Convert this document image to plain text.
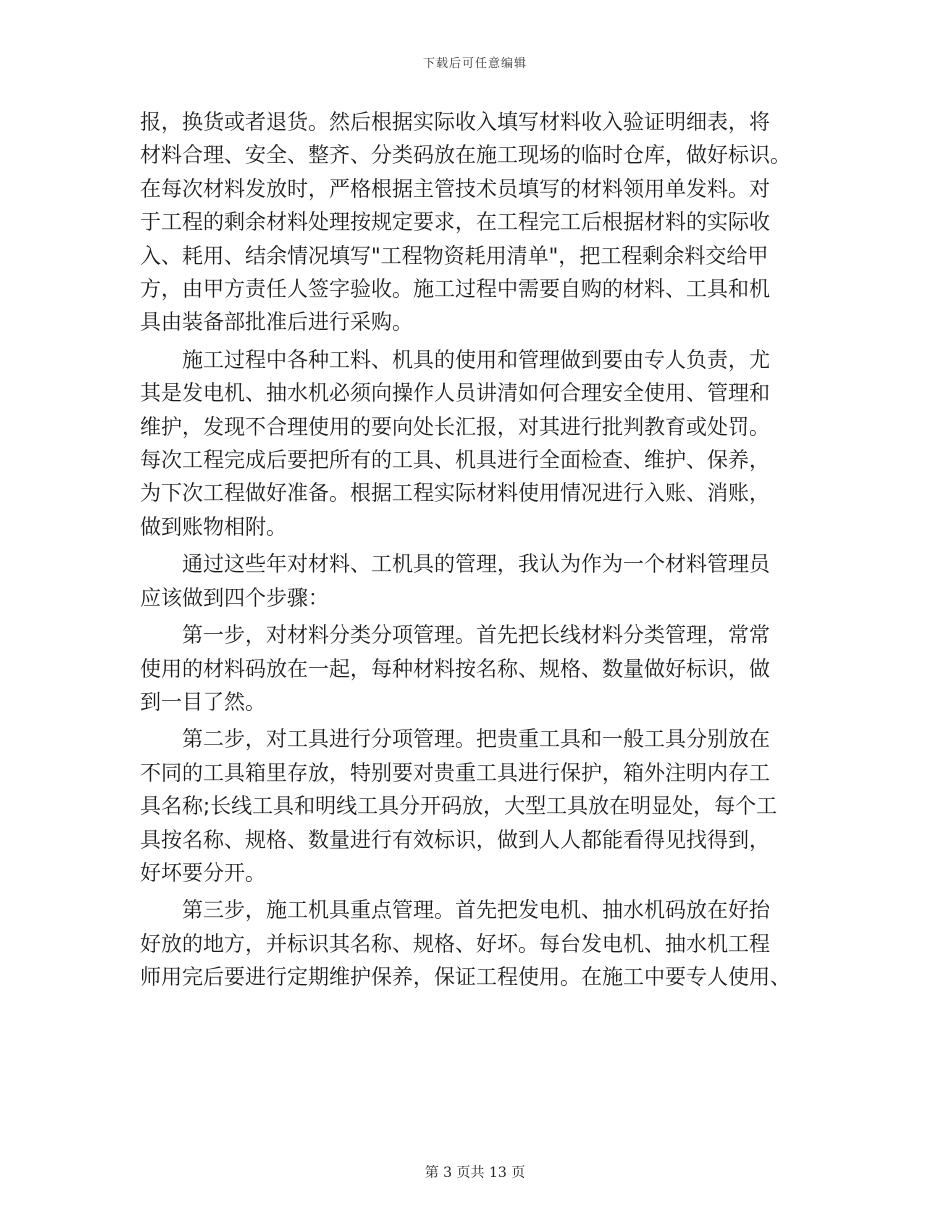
下载后可任意编辑
报，换货或者退货。然后根据实际收入填写材料收入验证明细表，将
材料合理、安全、整齐、分类码放在施工现场的临时仓库，做好标识。
在每次材料发放时，严格根据主管技术员填写的材料领用单发料。对
于工程的剩余材料处理按规定要求，在工程完工后根据材料的实际收
入、耗用、结余情况填写"工程物资耗用清单"，把工程剩余料交给甲
方，由甲方责任人签字验收。施工过程中需要自购的材料、工具和机
具由装备部批准后进行采购。
　　施工过程中各种工料、机具的使用和管理做到要由专人负责，尤
其是发电机、抽水机必须向操作人员讲清如何合理安全使用、管理和
维护，发现不合理使用的要向处长汇报，对其进行批判教育或处罚。
每次工程完成后要把所有的工具、机具进行全面检查、维护、保养，
为下次工程做好准备。根据工程实际材料使用情况进行入账、消账，
做到账物相附。
　　通过这些年对材料、工机具的管理，我认为作为一个材料管理员
应该做到四个步骤：
　　第一步，对材料分类分项管理。首先把长线材料分类管理，常常
使用的材料码放在一起，每种材料按名称、规格、数量做好标识，做
到一目了然。
　　第二步，对工具进行分项管理。把贵重工具和一般工具分别放在
不同的工具箱里存放，特别要对贵重工具进行保护，箱外注明内存工
具名称;长线工具和明线工具分开码放，大型工具放在明显处，每个工
具按名称、规格、数量进行有效标识，做到人人都能看得见找得到，
好坏要分开。
　　第三步，施工机具重点管理。首先把发电机、抽水机码放在好抬
好放的地方，并标识其名称、规格、好坏。每台发电机、抽水机工程
师用完后要进行定期维护保养，保证工程使用。在施工中要专人使用、
第 3 页共 13 页
